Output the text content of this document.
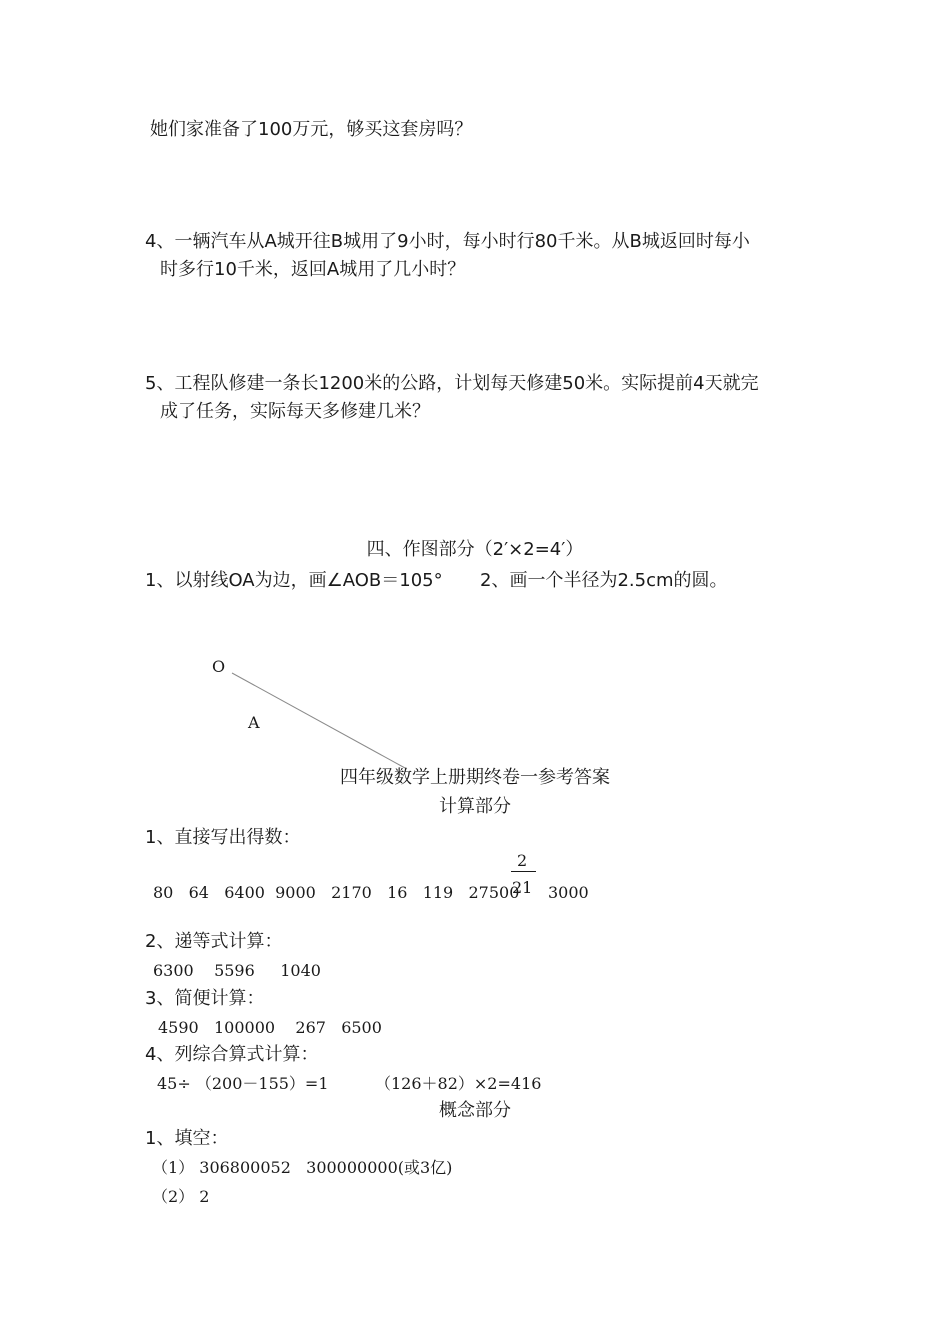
她们家准备了100万元，够买这套房吗？
4、一辆汽车从A城开往B城用了9小时，每小时行80千米。从B城返回时每小
时多行10千米，返回A城用了几小时？
5、工程队修建一条长1200米的公路，计划每天修建50米。实际提前4天就完
成了任务，实际每天多修建几米？
四、作图部分（2′×2=4′）
1、以射线OA为边，画∠AOB＝105° 2、画一个半径为2.5cm的圆。
O
A
四年级数学上册期终卷一参考答案
计算部分
1、直接写出得数：
80   64   6400  9000   2170   16   119   27500
2
21 3000
2、递等式计算：
6300    5596     1040
3、简便计算：
4590   100000    267   6500
4、列综合算式计算：
45÷ （200－155）=1	（126＋82）×2=416
概念部分
1、填空：
（1） 306800052   300000000(或3亿)
（2） 2
